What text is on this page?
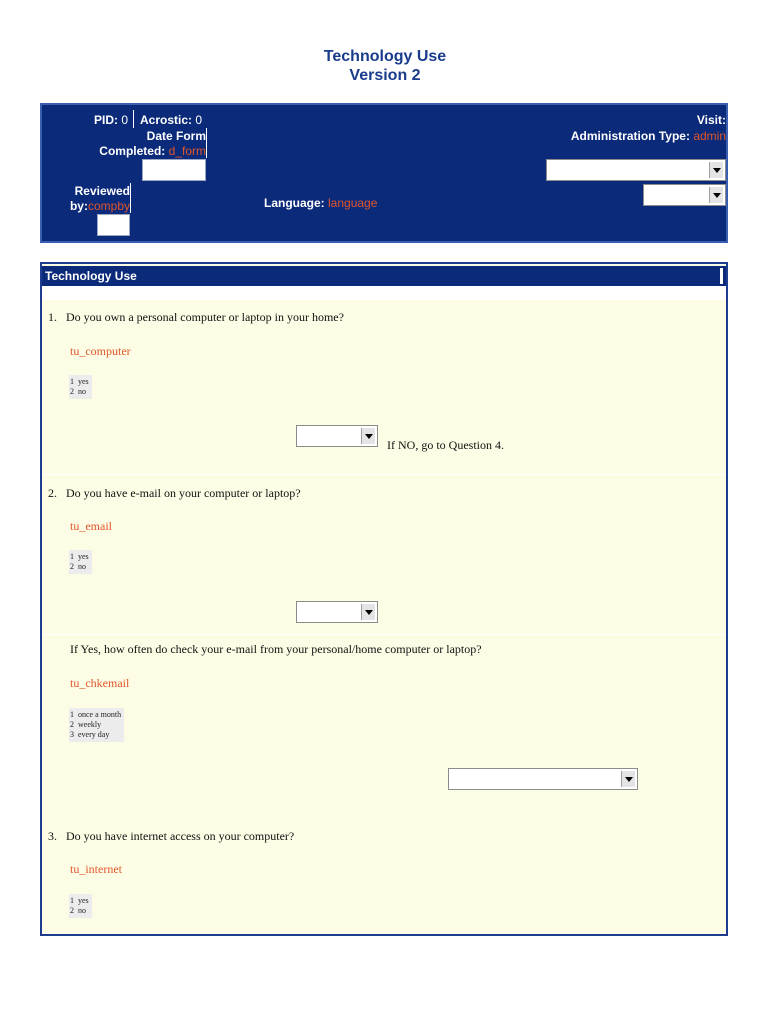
Technology Use
Version 2
PID: 0 Acrostic: 0
Date Form
Completed: d_form
Visit:
Administration Type: admin
Reviewed
by:compby	Language: language
Technology Use
1. Do you own a personal computer or laptop in your home?
tu_computer
1  yes
2  no
If NO, go to Question 4.
2. Do you have e-mail on your computer or laptop?
tu_email
1  yes
2  no
If Yes, how often do check your e-mail from your personal/home computer or laptop?
tu_chkemail
1  once a month
2  weekly
3  every day
3. Do you have internet access on your computer?
tu_internet
1  yes
2  no
